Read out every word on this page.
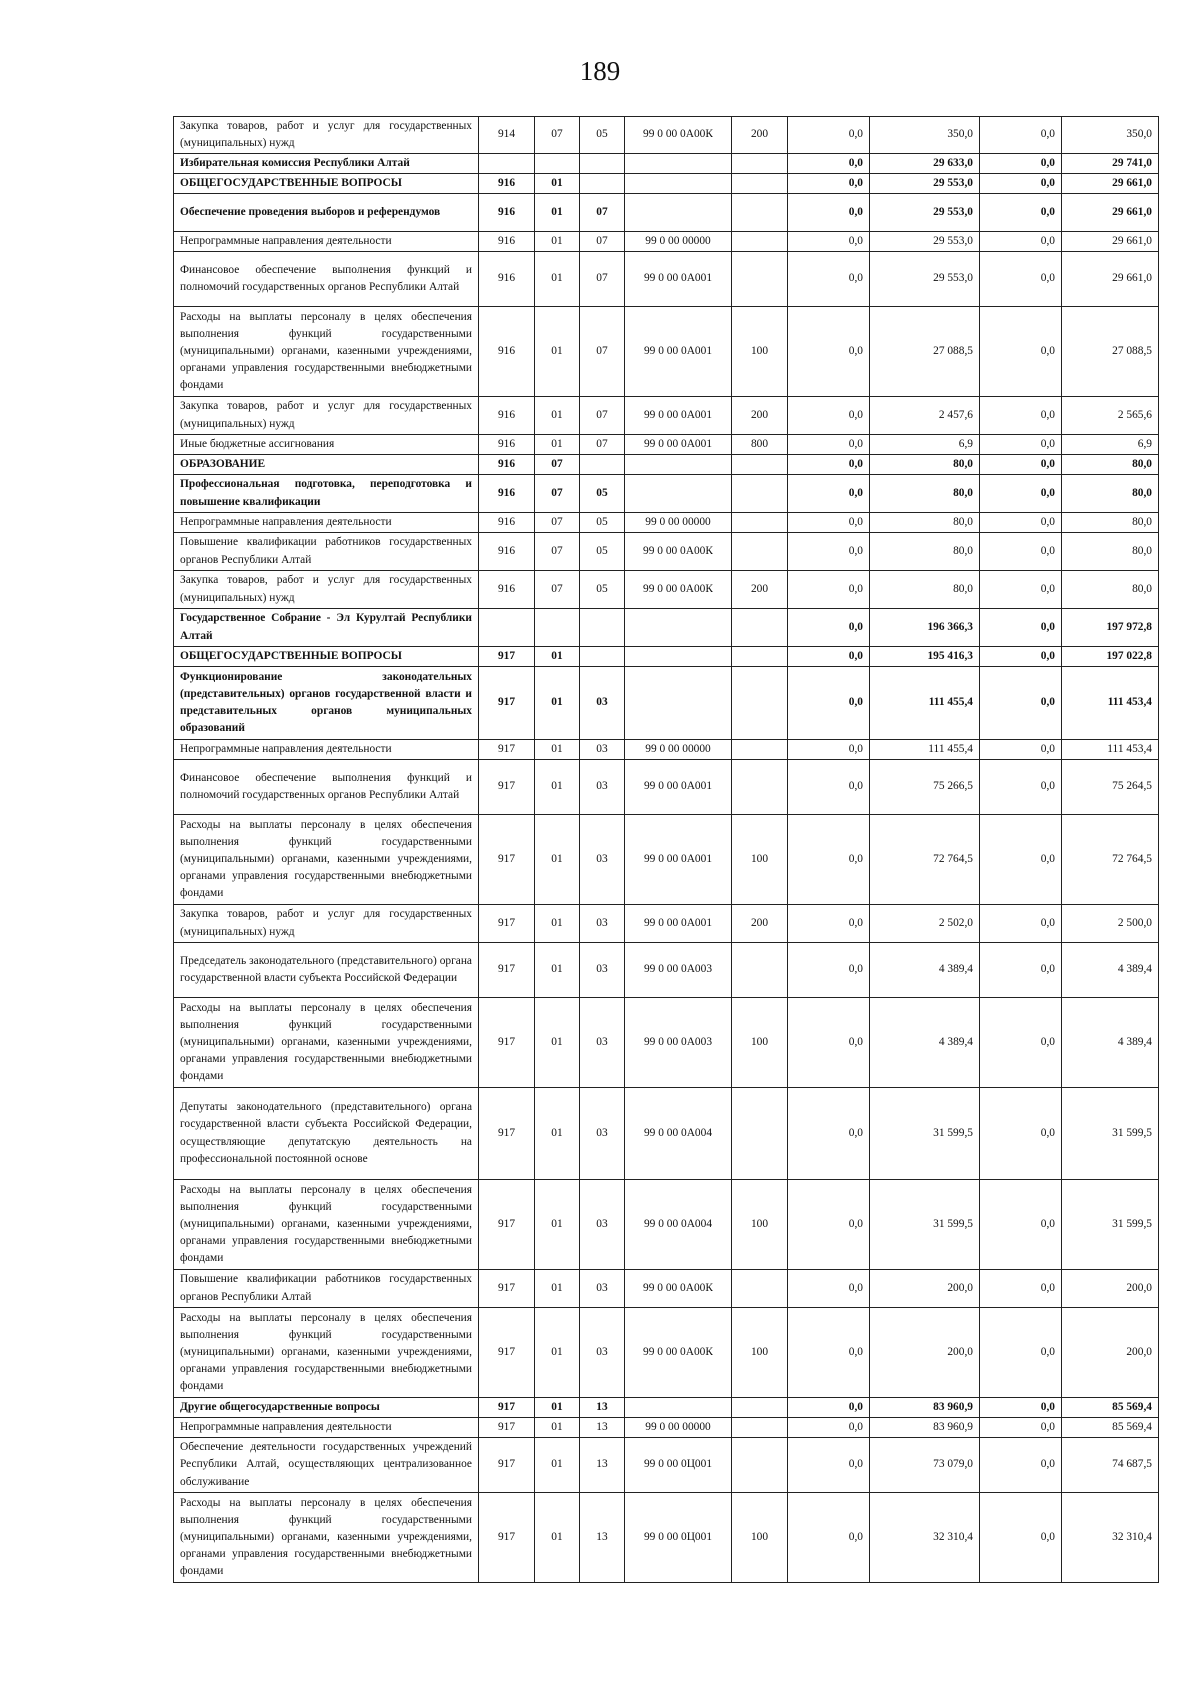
189
Закупка товаров, работ и услуг для государственных (муниципальных) нужд	914	07	05	99 0 00 0А00К	200	0,0	350,0	0,0	350,0
Избирательная комиссия Республики Алтай						0,0	29 633,0	0,0	29 741,0
ОБЩЕГОСУДАРСТВЕННЫЕ ВОПРОСЫ	916	01				0,0	29 553,0	0,0	29 661,0
Обеспечение проведения выборов и референдумов	916	01	07			0,0	29 553,0	0,0	29 661,0
Непрограммные направления деятельности	916	01	07	99 0 00 00000		0,0	29 553,0	0,0	29 661,0
Финансовое обеспечение выполнения функций и полномочий государственных органов Республики Алтай	916	01	07	99 0 00 0А001		0,0	29 553,0	0,0	29 661,0
Расходы на выплаты персоналу в целях обеспечения выполнения функций государственными (муниципальными) органами, казенными учреждениями, органами управления государственными внебюджетными фондами	916	01	07	99 0 00 0А001	100	0,0	27 088,5	0,0	27 088,5
Закупка товаров, работ и услуг для государственных (муниципальных) нужд	916	01	07	99 0 00 0А001	200	0,0	2 457,6	0,0	2 565,6
Иные бюджетные ассигнования	916	01	07	99 0 00 0А001	800	0,0	6,9	0,0	6,9
ОБРАЗОВАНИЕ	916	07				0,0	80,0	0,0	80,0
Профессиональная подготовка, переподготовка и повышение квалификации	916	07	05			0,0	80,0	0,0	80,0
Непрограммные направления деятельности	916	07	05	99 0 00 00000		0,0	80,0	0,0	80,0
Повышение квалификации работников государственных органов Республики Алтай	916	07	05	99 0 00 0А00К		0,0	80,0	0,0	80,0
Закупка товаров, работ и услуг для государственных (муниципальных) нужд	916	07	05	99 0 00 0А00К	200	0,0	80,0	0,0	80,0
Государственное Собрание - Эл Курултай Республики Алтай						0,0	196 366,3	0,0	197 972,8
ОБЩЕГОСУДАРСТВЕННЫЕ ВОПРОСЫ	917	01				0,0	195 416,3	0,0	197 022,8
Функционирование законодательных (представительных) органов государственной власти и представительных органов муниципальных образований	917	01	03			0,0	111 455,4	0,0	111 453,4
Непрограммные направления деятельности	917	01	03	99 0 00 00000		0,0	111 455,4	0,0	111 453,4
Финансовое обеспечение выполнения функций и полномочий государственных органов Республики Алтай	917	01	03	99 0 00 0А001		0,0	75 266,5	0,0	75 264,5
Расходы на выплаты персоналу в целях обеспечения выполнения функций государственными (муниципальными) органами, казенными учреждениями, органами управления государственными внебюджетными фондами	917	01	03	99 0 00 0А001	100	0,0	72 764,5	0,0	72 764,5
Закупка товаров, работ и услуг для государственных (муниципальных) нужд	917	01	03	99 0 00 0А001	200	0,0	2 502,0	0,0	2 500,0
Председатель законодательного (представительного) органа государственной власти субъекта Российской Федерации	917	01	03	99 0 00 0А003		0,0	4 389,4	0,0	4 389,4
Расходы на выплаты персоналу в целях обеспечения выполнения функций государственными (муниципальными) органами, казенными учреждениями, органами управления государственными внебюджетными фондами	917	01	03	99 0 00 0А003	100	0,0	4 389,4	0,0	4 389,4
Депутаты законодательного (представительного) органа государственной власти субъекта Российской Федерации, осуществляющие депутатскую деятельность на профессиональной постоянной основе	917	01	03	99 0 00 0А004		0,0	31 599,5	0,0	31 599,5
Расходы на выплаты персоналу в целях обеспечения выполнения функций государственными (муниципальными) органами, казенными учреждениями, органами управления государственными внебюджетными фондами	917	01	03	99 0 00 0А004	100	0,0	31 599,5	0,0	31 599,5
Повышение квалификации работников государственных органов Республики Алтай	917	01	03	99 0 00 0А00К		0,0	200,0	0,0	200,0
Расходы на выплаты персоналу в целях обеспечения выполнения функций государственными (муниципальными) органами, казенными учреждениями, органами управления государственными внебюджетными фондами	917	01	03	99 0 00 0А00К	100	0,0	200,0	0,0	200,0
Другие общегосударственные вопросы	917	01	13			0,0	83 960,9	0,0	85 569,4
Непрограммные направления деятельности	917	01	13	99 0 00 00000		0,0	83 960,9	0,0	85 569,4
Обеспечение деятельности государственных учреждений Республики Алтай, осуществляющих централизованное обслуживание	917	01	13	99 0 00 0Ц001		0,0	73 079,0	0,0	74 687,5
Расходы на выплаты персоналу в целях обеспечения выполнения функций государственными (муниципальными) органами, казенными учреждениями, органами управления государственными внебюджетными фондами	917	01	13	99 0 00 0Ц001	100	0,0	32 310,4	0,0	32 310,4
